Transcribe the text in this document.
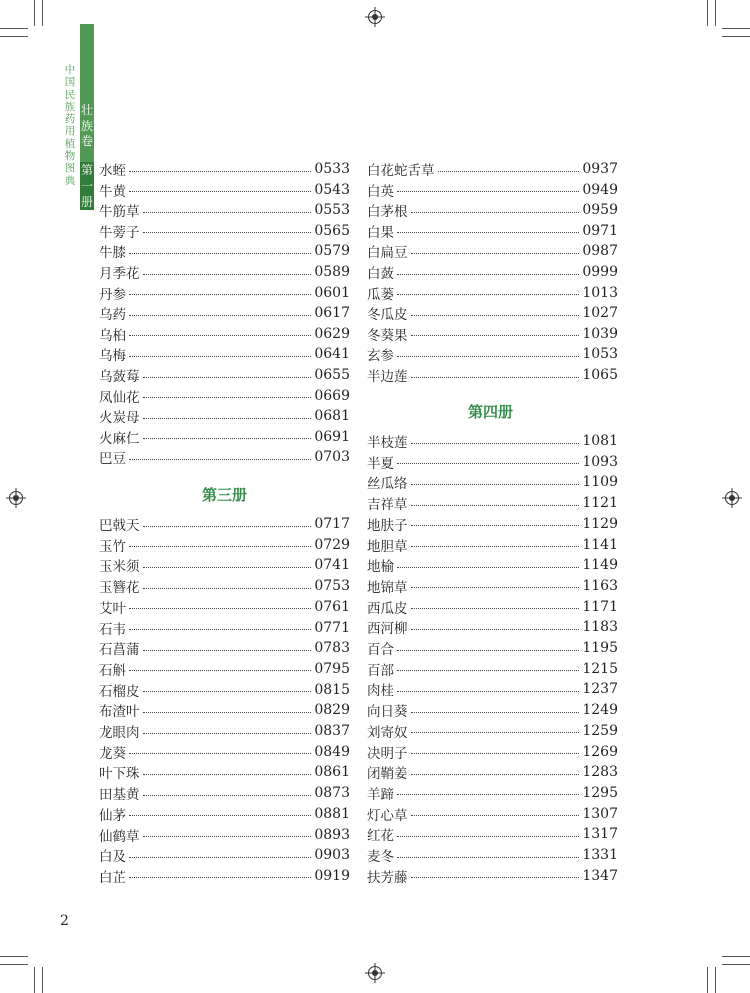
中国民族药用植物图典
壮族卷
第一册
水蛭	0533
牛黄	0543
牛筋草	0553
牛蒡子	0565
牛膝	0579
月季花	0589
丹参	0601
乌药	0617
乌桕	0629
乌梅	0641
乌蔹莓	0655
凤仙花	0669
火炭母	0681
火麻仁	0691
巴豆	0703
第三册
巴戟天	0717
玉竹	0729
玉米须	0741
玉簪花	0753
艾叶	0761
石韦	0771
石菖蒲	0783
石斛	0795
石榴皮	0815
布渣叶	0829
龙眼肉	0837
龙葵	0849
叶下珠	0861
田基黄	0873
仙茅	0881
仙鹤草	0893
白及	0903
白芷	0919
白花蛇舌草	0937
白英	0949
白茅根	0959
白果	0971
白扁豆	0987
白蔹	0999
瓜蒌	1013
冬瓜皮	1027
冬葵果	1039
玄参	1053
半边莲	1065
第四册
半枝莲	1081
半夏	1093
丝瓜络	1109
吉祥草	1121
地肤子	1129
地胆草	1141
地榆	1149
地锦草	1163
西瓜皮	1171
西河柳	1183
百合	1195
百部	1215
肉桂	1237
向日葵	1249
刘寄奴	1259
决明子	1269
闭鞘姜	1283
羊蹄	1295
灯心草	1307
红花	1317
麦冬	1331
扶芳藤	1347
2
